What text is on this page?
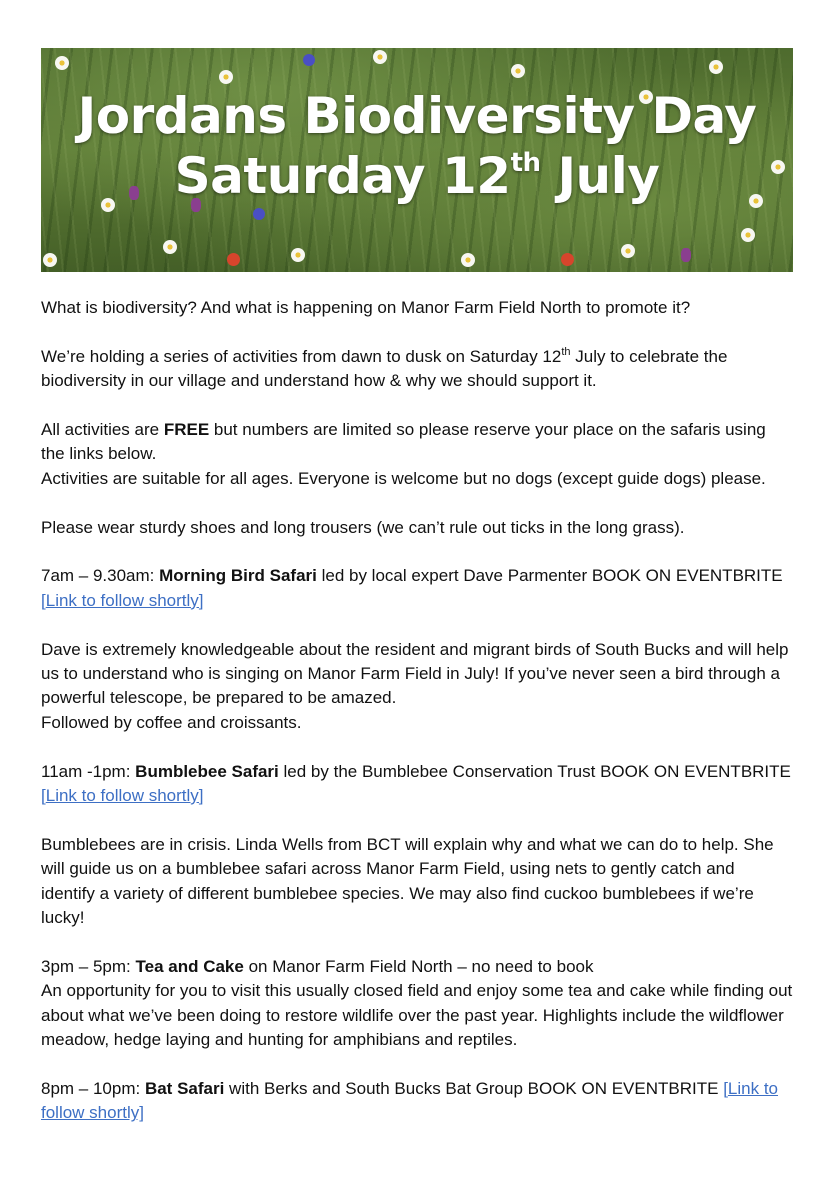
Jordans Biodiversity Day
Saturday 12th July

What is biodiversity? And what is happening on Manor Farm Field North to promote it?

We’re holding a series of activities from dawn to dusk on Saturday 12th July to celebrate the biodiversity in our village and understand how & why we should support it.

All activities are FREE but numbers are limited so please reserve your place on the safaris using the links below.

Activities are suitable for all ages. Everyone is welcome but no dogs (except guide dogs) please.

Please wear sturdy shoes and long trousers (we can’t rule out ticks in the long grass).

7am – 9.30am: Morning Bird Safari led by local expert Dave Parmenter BOOK ON EVENTBRITE [Link to follow shortly]

Dave is extremely knowledgeable about the resident and migrant birds of South Bucks and will help us to understand who is singing on Manor Farm Field in July! If you’ve never seen a bird through a powerful telescope, be prepared to be amazed.

Followed by coffee and croissants.

11am -1pm: Bumblebee Safari led by the Bumblebee Conservation Trust BOOK ON EVENTBRITE [Link to follow shortly]

Bumblebees are in crisis. Linda Wells from BCT will explain why and what we can do to help. She will guide us on a bumblebee safari across Manor Farm Field, using nets to gently catch and identify a variety of different bumblebee species. We may also find cuckoo bumblebees if we’re lucky!

3pm – 5pm: Tea and Cake on Manor Farm Field North – no need to book

An opportunity for you to visit this usually closed field and enjoy some tea and cake while finding out about what we’ve been doing to restore wildlife over the past year. Highlights include the wildflower meadow, hedge laying and hunting for amphibians and reptiles.

8pm – 10pm: Bat Safari with Berks and South Bucks Bat Group BOOK ON EVENTBRITE [Link to follow shortly]
